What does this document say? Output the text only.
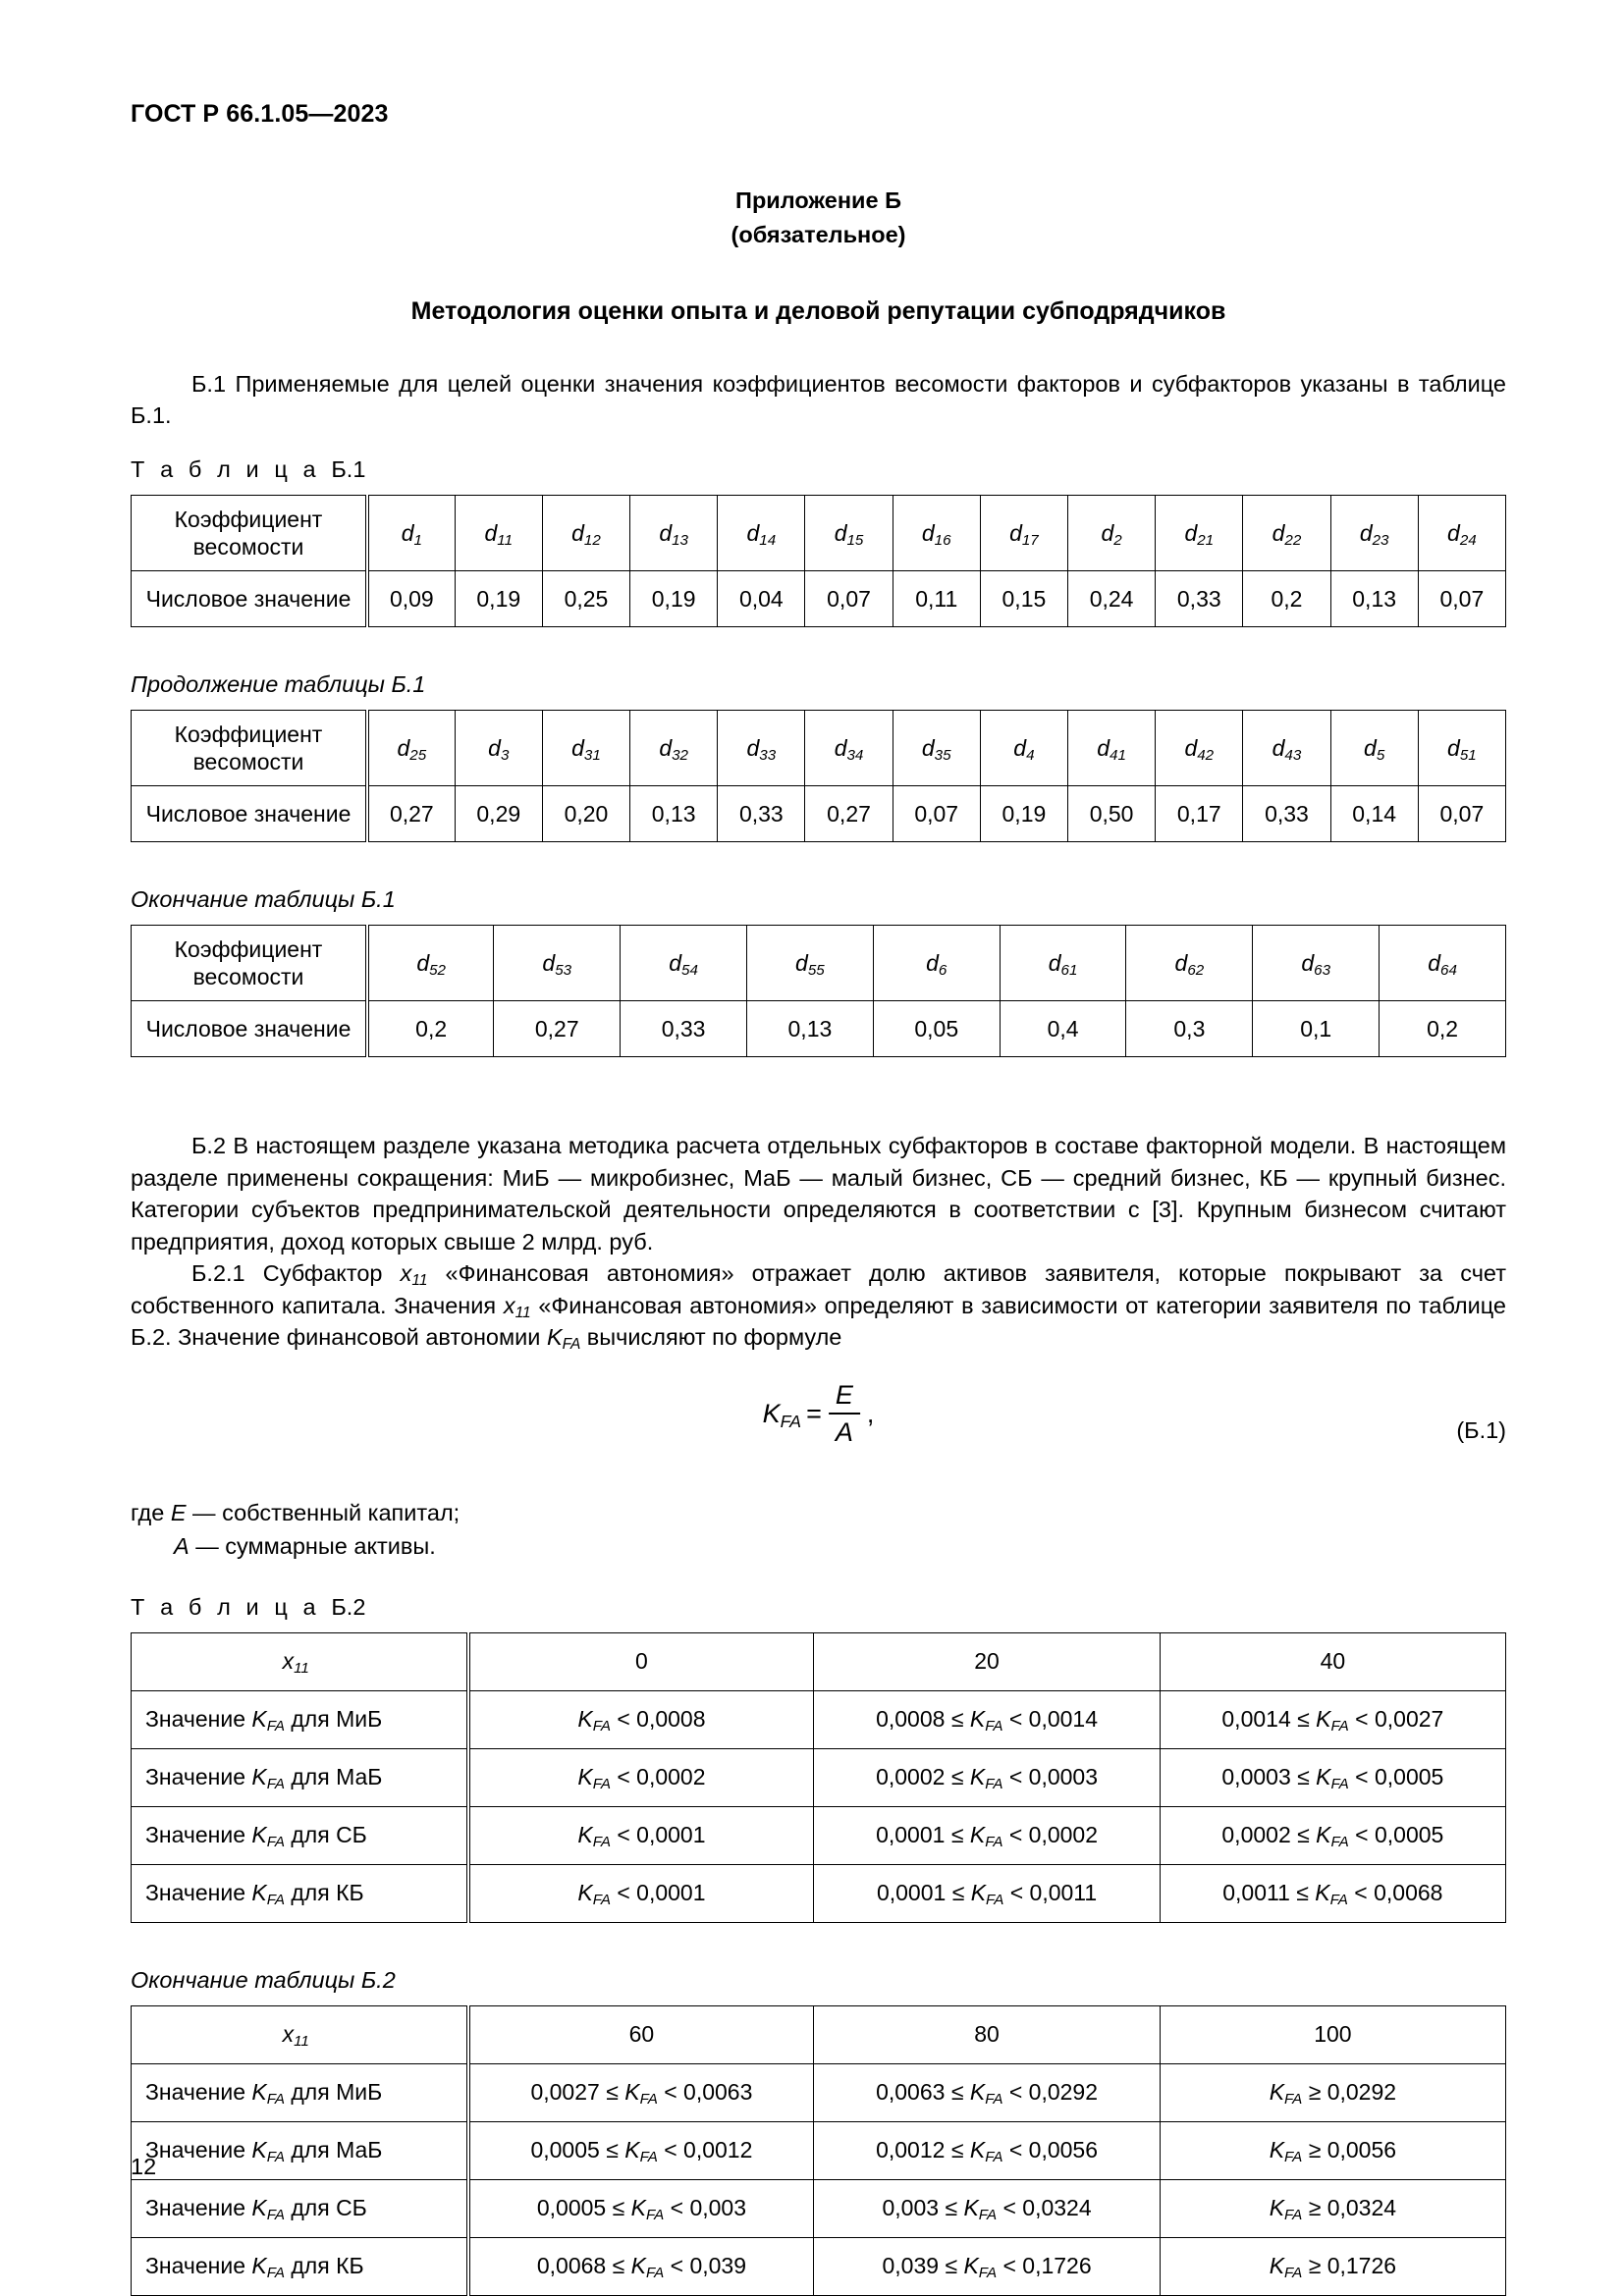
ГОСТ Р 66.1.05—2023
Приложение Б
(обязательное)
Методология оценки опыта и деловой репутации субподрядчиков

Б.1 Применяемые для целей оценки значения коэффициентов весомости факторов и субфакторов указаны в таблице Б.1.

Т а б л и ц а Б.1
Коэффициент весомости	$d_1$	$d_{11}$	$d_{12}$	$d_{13}$	$d_{14}$	$d_{15}$	$d_{16}$	$d_{17}$	$d_2$	$d_{21}$	$d_{22}$	$d_{23}$	$d_{24}$
Числовое значение	0,09	0,19	0,25	0,19	0,04	0,07	0,11	0,15	0,24	0,33	0,2	0,13	0,07
Продолжение таблицы Б.1
Коэффициент весомости	$d_{25}$	$d_3$	$d_{31}$	$d_{32}$	$d_{33}$	$d_{34}$	$d_{35}$	$d_4$	$d_{41}$	$d_{42}$	$d_{43}$	$d_5$	$d_{51}$
Числовое значение	0,27	0,29	0,20	0,13	0,33	0,27	0,07	0,19	0,50	0,17	0,33	0,14	0,07
Окончание таблицы Б.1
Коэффициент весомости	$d_{52}$	$d_{53}$	$d_{54}$	$d_{55}$	$d_6$	$d_{61}$	$d_{62}$	$d_{63}$	$d_{64}$
Числовое значение	0,2	0,27	0,33	0,13	0,05	0,4	0,3	0,1	0,2

Б.2 В настоящем разделе указана методика расчета отдельных субфакторов в составе факторной модели. В настоящем разделе применены сокращения: МиБ — микробизнес, МаБ — малый бизнес, СБ — средний бизнес, КБ — крупный бизнес. Категории субъектов предпринимательской деятельности определяются в соответствии с [3]. Крупным бизнесом считают предприятия, доход которых свыше 2 млрд. руб.

Б.2.1 Субфактор $x_{11}$ «Финансовая автономия» отражает долю активов заявителя, которые покрывают за счет собственного капитала. Значения $x_{11}$ «Финансовая автономия» определяют в зависимости от категории заявителя по таблице Б.2. Значение финансовой автономии $K_{FA}$ вычисляют по формуле

$K_{FA} = \frac{E}{A}$ ,
(Б.1)
где E — собственный капитал;
A — суммарные активы.
Т а б л и ц а Б.2
$x_{11}$	0	20	40
Значение $K_{FA}$ для МиБ	$K_{FA} < 0,0008$	$0,0008 \le K_{FA} < 0,0014$	$0,0014 \le K_{FA} < 0,0027$
Значение $K_{FA}$ для МаБ	$K_{FA} < 0,0002$	$0,0002 \le K_{FA} < 0,0003$	$0,0003 \le K_{FA} < 0,0005$
Значение $K_{FA}$ для СБ	$K_{FA} < 0,0001$	$0,0001 \le K_{FA} < 0,0002$	$0,0002 \le K_{FA} < 0,0005$
Значение $K_{FA}$ для КБ	$K_{FA} < 0,0001$	$0,0001 \le K_{FA} < 0,0011$	$0,0011 \le K_{FA} < 0,0068$
Окончание таблицы Б.2
$x_{11}$	60	80	100
Значение $K_{FA}$ для МиБ	$0,0027 \le K_{FA} < 0,0063$	$0,0063 \le K_{FA} < 0,0292$	$K_{FA} \ge 0,0292$
Значение $K_{FA}$ для МаБ	$0,0005 \le K_{FA} < 0,0012$	$0,0012 \le K_{FA} < 0,0056$	$K_{FA} \ge 0,0056$
Значение $K_{FA}$ для СБ	$0,0005 \le K_{FA} < 0,003$	$0,003 \le K_{FA} < 0,0324$	$K_{FA} \ge 0,0324$
Значение $K_{FA}$ для КБ	$0,0068 \le K_{FA} < 0,039$	$0,039 \le K_{FA} < 0,1726$	$K_{FA} \ge 0,1726$
12
